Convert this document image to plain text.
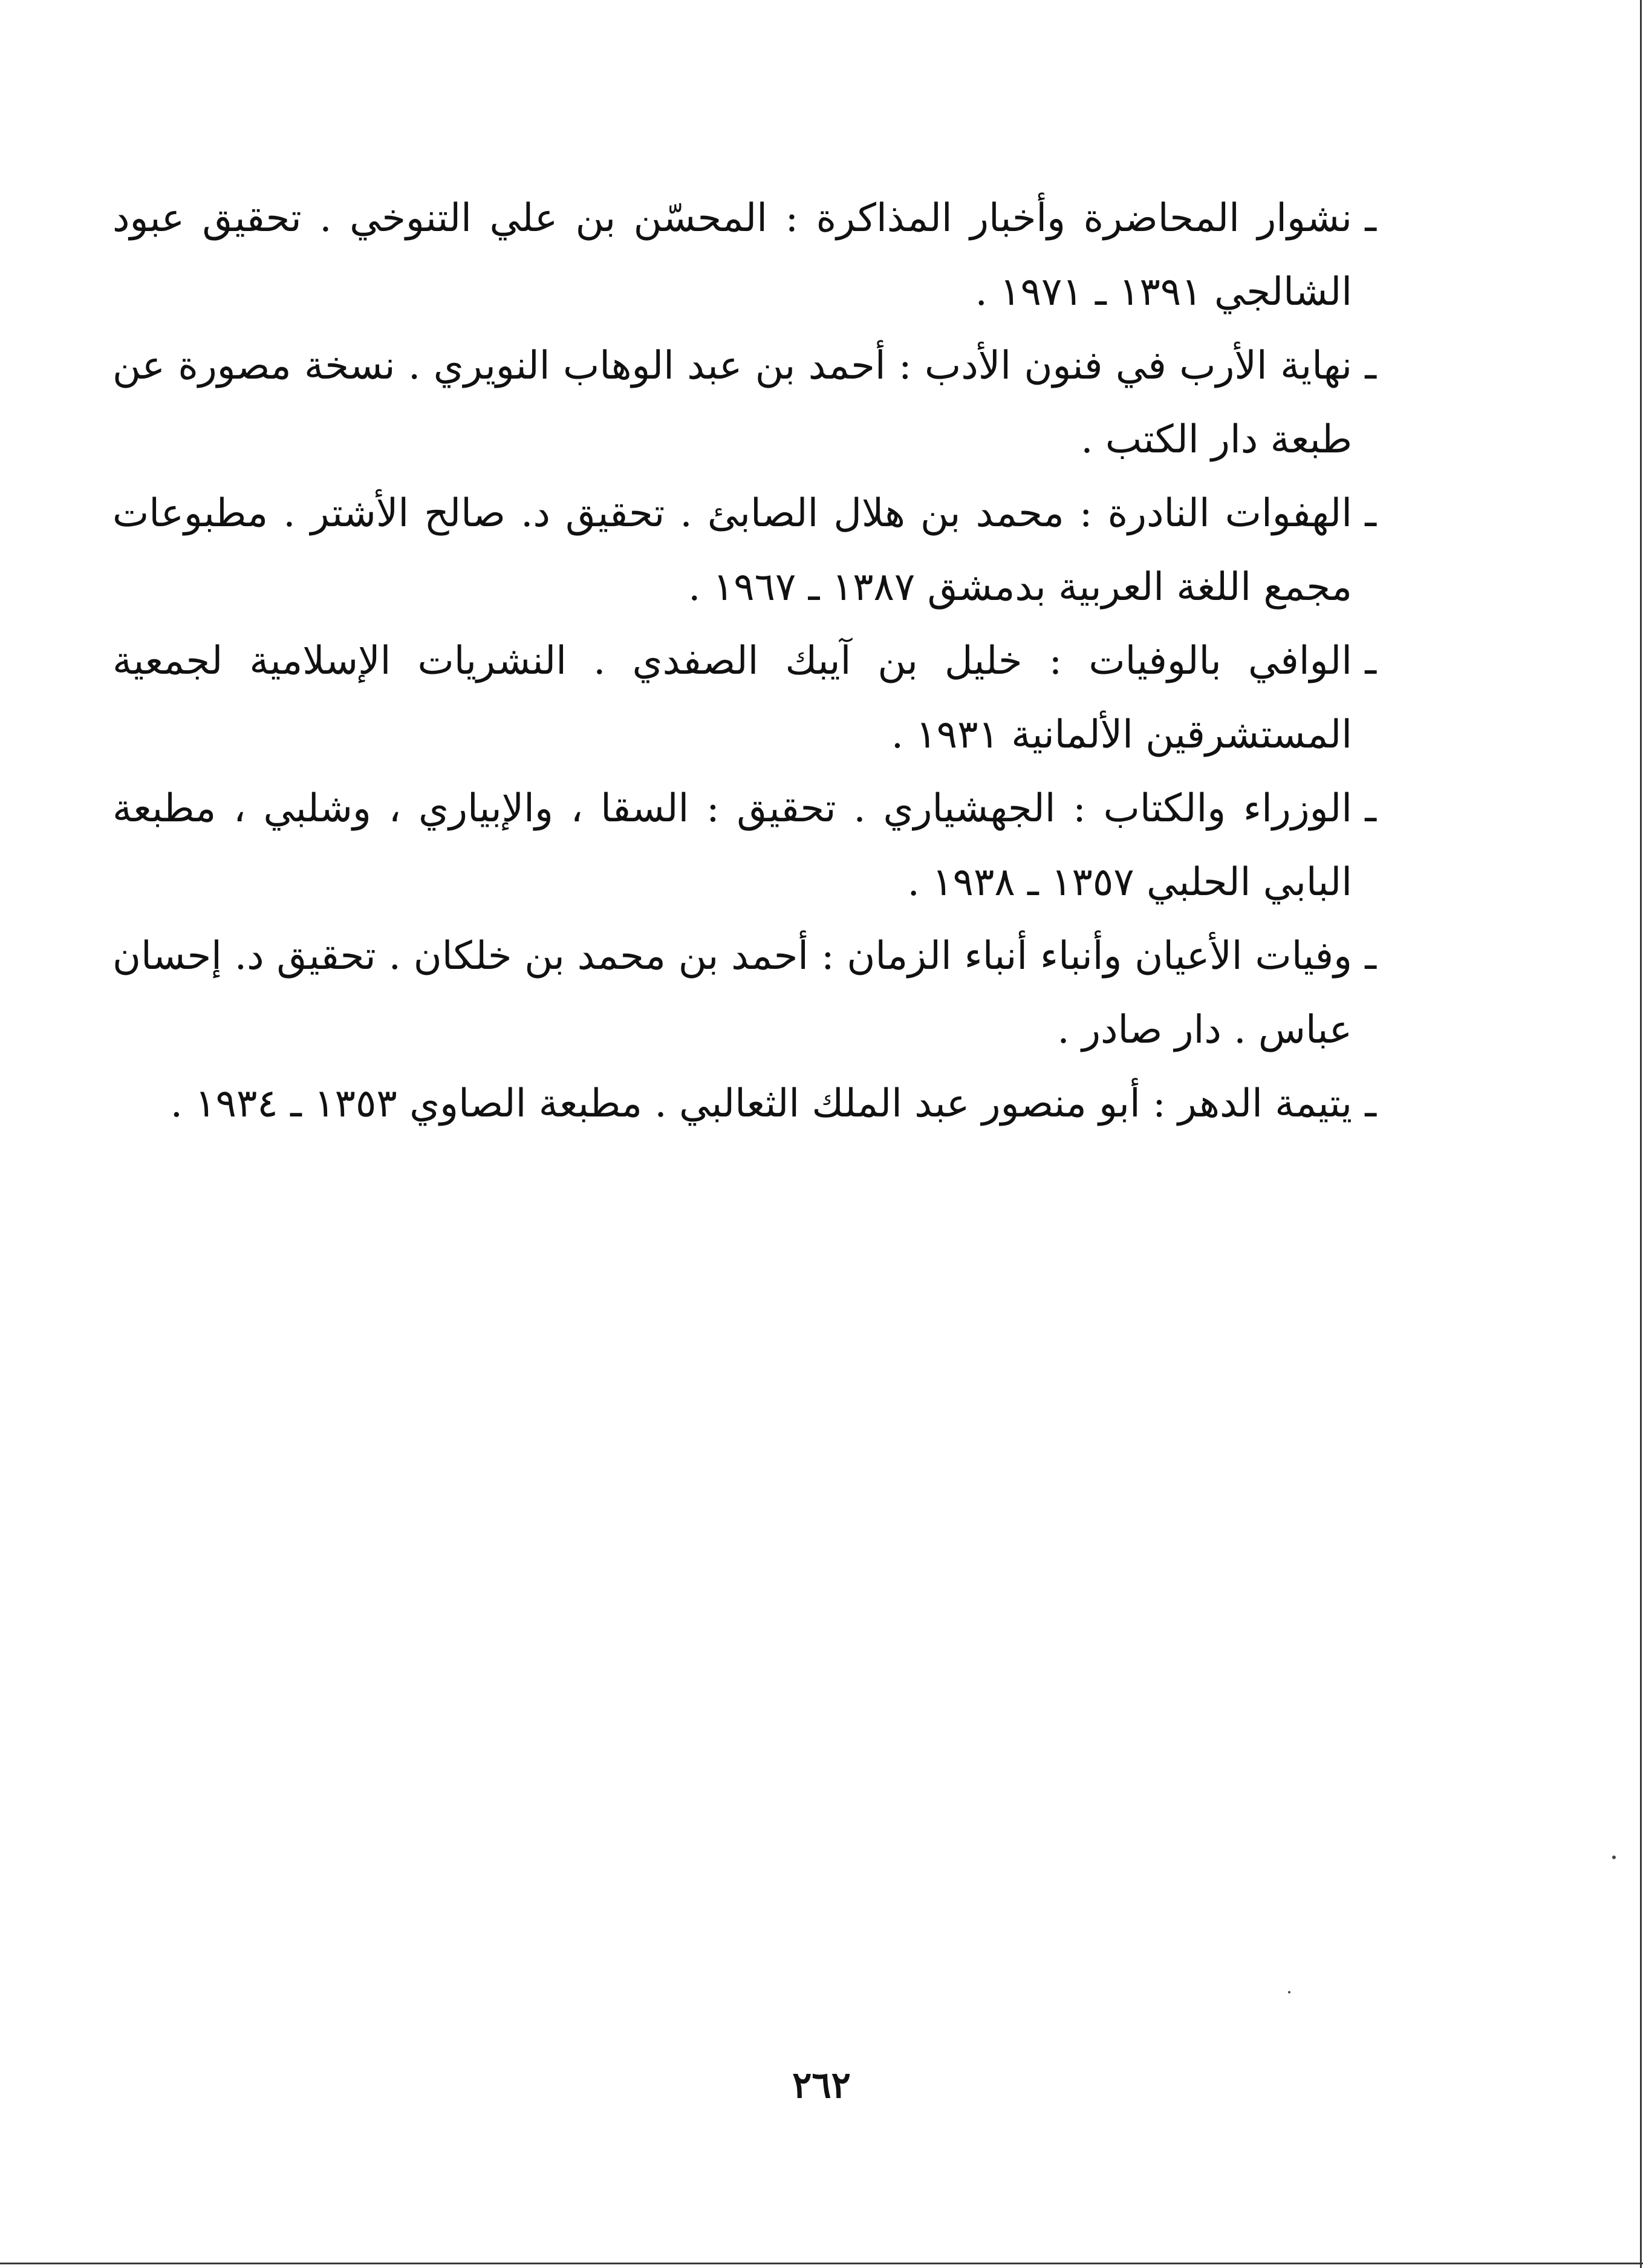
ـ
نشوار المحاضرة وأخبار المذاكرة : المحسّن بن علي التنوخي . تحقيق عبود الشالجي ١٣٩١ ـ ١٩٧١ .
ـ
نهاية الأرب في فنون الأدب : أحمد بن عبد الوهاب النويري . نسخة مصورة عن طبعة دار الكتب .
ـ
الهفوات النادرة : محمد بن هلال الصابئ . تحقيق د. صالح الأشتر . مطبوعات مجمع اللغة العربية بدمشق ١٣٨٧ ـ ١٩٦٧ .
ـ
الوافي بالوفيات : خليل بن آيبك الصفدي . النشريات الإسلامية لجمعية المستشرقين الألمانية ١٩٣١ .
ـ
الوزراء والكتاب : الجهشياري . تحقيق : السقا ، والإبياري ، وشلبي ، مطبعة البابي الحلبي ١٣٥٧ ـ ١٩٣٨ .
ـ
وفيات الأعيان وأنباء أنباء الزمان : أحمد بن محمد بن خلكان . تحقيق د. إحسان عباس . دار صادر .
ـ
يتيمة الدهر : أبو منصور عبد الملك الثعالبي . مطبعة الصاوي ١٣٥٣ ـ ١٩٣٤ .
٢٦٢
